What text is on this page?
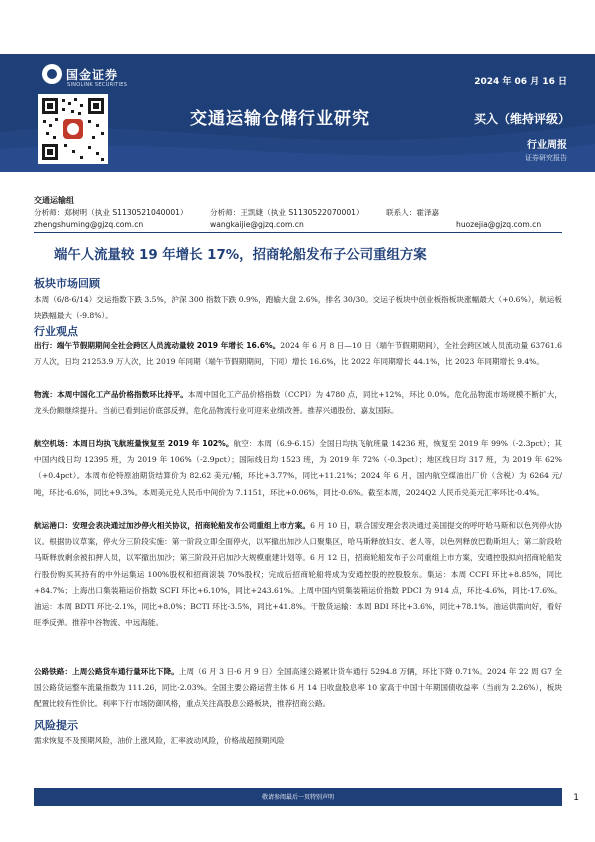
国金证券
SINOLINK SECURITIES	2024 年 06 月 16 日
交通运输仓储行业研究	买入（维持评级）
行业周报
证券研究报告
交通运输组
分析师：郑树明（执业 S1130521040001）	分析师：王凯婕（执业 S1130522070001）	联系人：霍泽嘉
zhengshuming@gjzq.com.cn	wangkaijie@gjzq.com.cn	huozejia@gjzq.com.cn
端午人流量较 19 年增长 17%，招商轮船发布子公司重组方案
板块市场回顾
本周（6/8-6/14）交运指数下跌 3.5%，沪深 300 指数下跌 0.9%，跑输大盘 2.6%，排名 30/30。交运子板块中创业板指板块涨幅最大（+0.6%），航运板块跌幅最大（-9.8%）。
行业观点
出行：端午节假期期间全社会跨区人员流动量较 2019 年增长 16.6%。2024 年 6 月 8 日—10 日（端午节假期期间），全社会跨区域人员流动量 63761.6 万人次，日均 21253.9 万人次，比 2019 年同期（端午节假期期间，下同）增长 16.6%，比 2022 年同期增长 44.1%，比 2023 年同期增长 9.4%。
物流：本周中国化工产品价格指数环比持平。本周中国化工产品价格指数（CCPI）为 4780 点，同比+12%，环比 0.0%。危化品物流市场规模不断扩大，龙头份额继续提升。当前已看到运价底部反弹，危化品物流行业可迎来业绩改善。推荐兴通股份、嘉友国际。
航空机场：本周日均执飞航班量恢复至 2019 年 102%。航空：本周（6.9-6.15）全国日均执飞航班量 14236 班，恢复至 2019 年 99%（-2.3pct）；其中国内线日均 12395 班，为 2019 年 106%（-2.9pct）；国际线日均 1523 班，为 2019 年 72%（-0.3pct）；地区线日均 317 班，为 2019 年 62%（+0.4pct）。本周布伦特原油期货结算价为 82.62 美元/桶，环比+3.77%，同比+11.21%；2024 年 6 月，国内航空煤油出厂价（含税）为 6264 元/吨，环比-6.6%，同比+9.3%。本周美元兑人民币中间价为 7.1151，环比+0.06%，同比-0.6%。截至本周，2024Q2 人民币兑美元汇率环比-0.4%。
航运港口：安理会表决通过加沙停火相关协议，招商轮船发布公司重组上市方案。6 月 10 日，联合国安理会表决通过美国提交的呼吁哈马斯和以色列停火协议。根据协议草案，停火分三阶段实施：第一阶段立即全面停火，以军撤出加沙人口聚集区，哈马斯释放妇女、老人等，以色列释放巴勒斯坦人；第二阶段哈马斯释放剩余被扣押人员，以军撤出加沙；第三阶段开启加沙大规模重建计划等。6 月 12 日，招商轮船发布子公司重组上市方案，安通控股拟向招商轮船发行股份购买其持有的中外运集运 100%股权和招商滚装 70%股权；完成后招商轮船将成为安通控股的控股股东。集运：本周 CCFI 环比+8.85%，同比+84.7%；上海出口集装箱运价指数 SCFI 环比+6.10%，同比+243.61%。上周中国内贸集装箱运价指数 PDCI 为 914 点，环比-4.6%，同比-17.6%。油运：本周 BDTI 环比-2.1%，同比+8.0%；BCTI 环比-3.5%，同比+41.8%。干散货运输：本周 BDI 环比+3.6%，同比+78.1%。油运供需向好，看好旺季反弹。推荐中谷物流、中远海能。
公路铁路：上周公路货车通行量环比下降。上周（6 月 3 日-6 月 9 日）全国高速公路累计货车通行 5294.8 万辆，环比下降 0.71%。2024 年 22 周 G7 全国公路货运整车流量指数为 111.26，同比-2.03%。全国主要公路运营主体 6 月 14 日收盘股息率 10 家高于中国十年期国债收益率（当前为 2.26%），板块配置比较有性价比。利率下行市场防御风格，重点关注高股息公路板块，推荐招商公路。
风险提示
需求恢复不及预期风险，油价上涨风险，汇率波动风险，价格战超预期风险
敬请参阅最后一页特别声明	1
